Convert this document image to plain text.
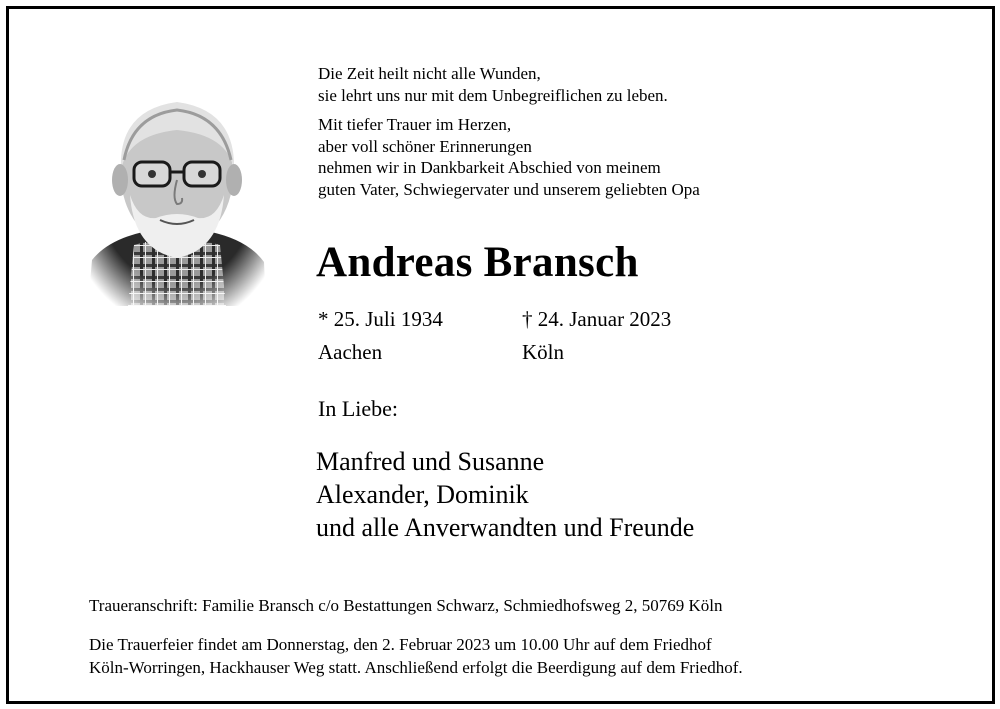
Die Zeit heilt nicht alle Wunden,
sie lehrt uns nur mit dem Unbegreiflichen zu leben.

Mit tiefer Trauer im Herzen,
aber voll schöner Erinnerungen
nehmen wir in Dankbarkeit Abschied von meinem
guten Vater, Schwiegervater und unserem geliebten Opa

Andreas Bransch
* 25. Juli 1934	† 24. Januar 2023
Aachen	Köln
In Liebe:
Manfred und Susanne
Alexander, Dominik
und alle Anverwandten und Freunde
Traueranschrift: Familie Bransch c/o Bestattungen Schwarz, Schmiedhofsweg 2, 50769 Köln
Die Trauerfeier findet am Donnerstag, den 2. Februar 2023 um 10.00 Uhr auf dem Friedhof
Köln-Worringen, Hackhauser Weg statt. Anschließend erfolgt die Beerdigung auf dem Friedhof.
